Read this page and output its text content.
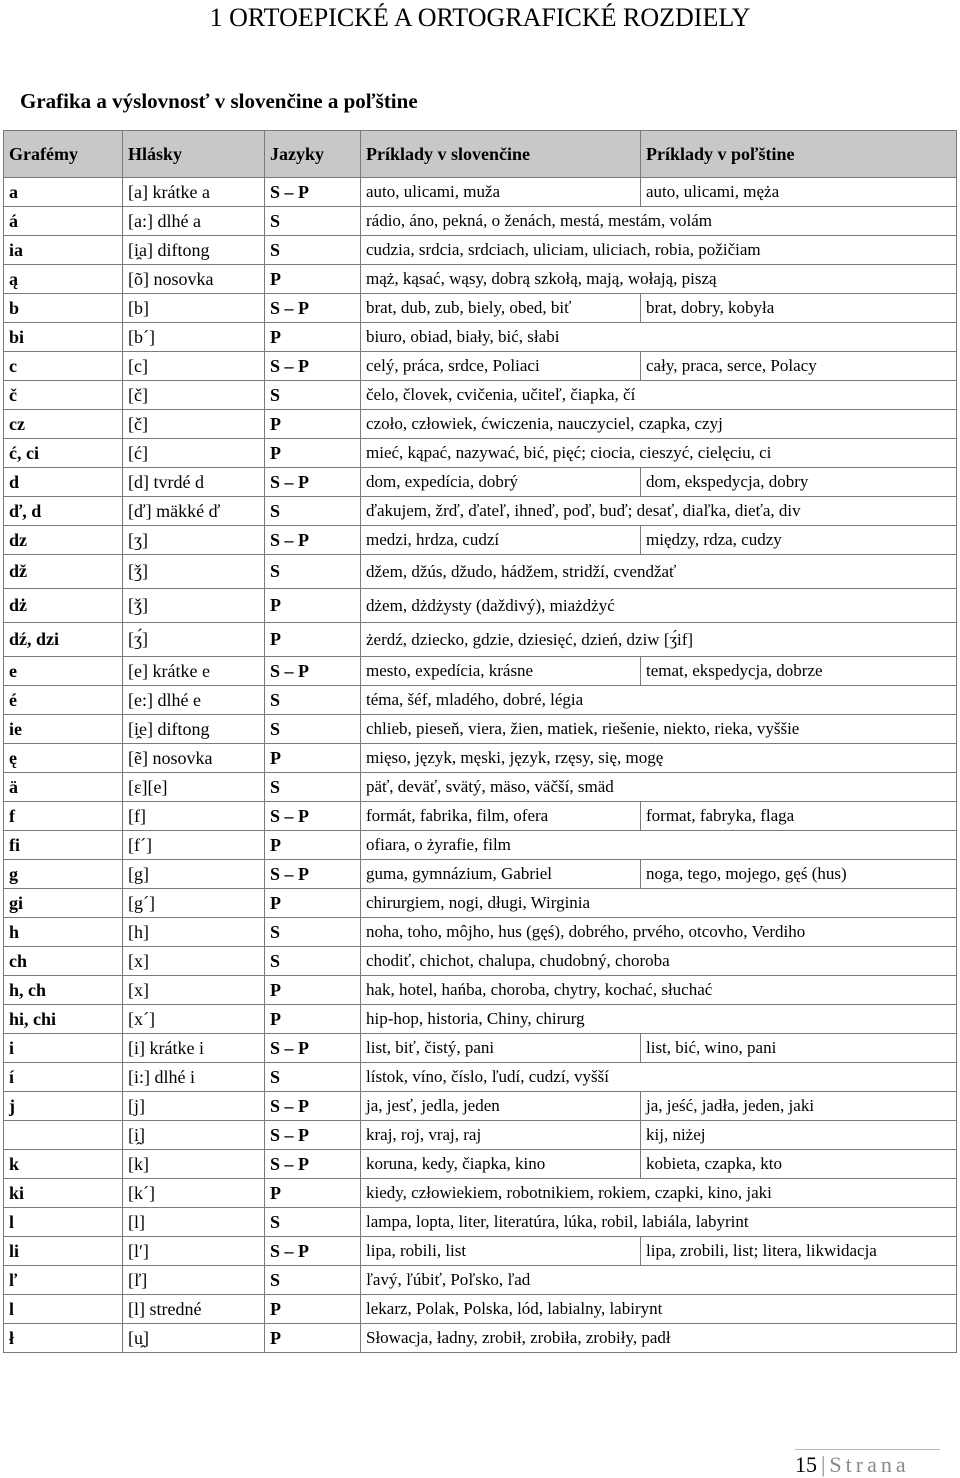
1 ORTOEPICKÉ A ORTOGRAFICKÉ ROZDIELY
Grafika a výslovnosť v slovenčine a poľštine
Grafémy	Hlásky	Jazyky	Príklady v slovenčine	Príklady v poľštine
a	[a] krátke a	S – P	auto, ulicami, muža	auto, ulicami, męża
á	[a:] dlhé a	S	rádio, áno, pekná, o ženách, mestá, mestám, volám	
ia	[i̯a] diftong	S	cudzia, srdcia, srdciach, uliciam, uliciach, robia, požičiam	
ą	[õ] nosovka	P	mąż, kąsać, wąsy, dobrą szkołą, mają, wołają, piszą	
b	[b]	S – P	brat, dub, zub, biely, obed, biť	brat, dobry, kobyła
bi	[b´]	P	biuro, obiad, biały, bić, słabi	
c	[c]	S – P	celý, práca, srdce, Poliaci	cały, praca, serce, Polacy
č	[č]	S	čelo, človek, cvičenia, učiteľ, čiapka, čí	
cz	[č]	P	czoło, człowiek, ćwiczenia, nauczyciel, czapka, czyj	
ć, ci	[ć]	P	mieć, kąpać, nazywać, bić, pięć; ciocia, cieszyć, cielęciu, ci	
d	[d] tvrdé d	S – P	dom, expedícia, dobrý	dom, ekspedycja, dobry
ď, d	[ď] mäkké ď	S	ďakujem, žrď, ďateľ, ihneď, poď, buď; desať, diaľka, dieťa, div	
dz	[ʒ]	S – P	medzi, hrdza, cudzí	między, rdza, cudzy
dž	[ǯ]	S	džem, džús, džudo, hádžem, stridží, cvendžať	
dż	[ǯ]	P	dżem, dżdżysty (daždivý), miażdżyć	
dź, dzi	[ʒ́]	P	żerdź, dziecko, gdzie, dziesięć, dzień, dziw [ʒ́if]	
e	[e] krátke e	S – P	mesto, expedícia, krásne	temat, ekspedycja, dobrze
é	[e:] dlhé e	S	téma, šéf, mladého, dobré, légia	
ie	[i̯e] diftong	S	chlieb, pieseň, viera, žien, matiek, riešenie, niekto, rieka, vyššie	
ę	[ẽ] nosovka	P	mięso, język, męski, język, rzęsy, się, mogę	
ä	[ɛ][e]	S	päť, deväť, svätý, mäso, väčší, smäd	
f	[f]	S – P	formát, fabrika, film, ofera	format, fabryka, flaga
fi	[f´]	P	ofiara, o żyrafie, film	
g	[g]	S – P	guma, gymnázium, Gabriel	noga, tego, mojego, gęś (hus)
gi	[g´]	P	chirurgiem, nogi, długi, Wirginia	
h	[h]	S	noha, toho, môjho, hus (gęś), dobrého, prvého, otcovho, Verdiho	
ch	[x]	S	chodiť, chichot, chalupa, chudobný, choroba	
h, ch	[x]	P	hak, hotel, hańba, choroba, chytry, kochać, słuchać	
hi, chi	[x´]	P	hip-hop, historia, Chiny, chirurg	
i	[i] krátke i	S – P	list, biť, čistý, pani	list, bić, wino, pani
í	[i:] dlhé i	S	lístok, víno, číslo, ľudí, cudzí, vyšší	
j	[j]	S – P	ja, jesť, jedla, jeden	ja, jeść, jadła, jeden, jaki
	[i̯]	S – P	kraj, roj, vraj, raj	kij, niżej
k	[k]	S – P	koruna, kedy, čiapka, kino	kobieta, czapka, kto
ki	[k´]	P	kiedy, człowiekiem, robotnikiem, rokiem, czapki, kino, jaki	
l	[l]	S	lampa, lopta, liter, literatúra, lúka, robil, labiála, labyrint	
li	[lʹ]	S – P	lipa, robili, list	lipa, zrobili, list; litera, likwidacja
ľ	[ľ]	S	ľavý, ľúbiť, Poľsko, ľad	
l	[l] stredné	P	lekarz, Polak, Polska, lód, labialny, labirynt	
ł	[u̯]	P	Słowacja, ładny, zrobił, zrobiła, zrobiły, padł	
15 | Strana
